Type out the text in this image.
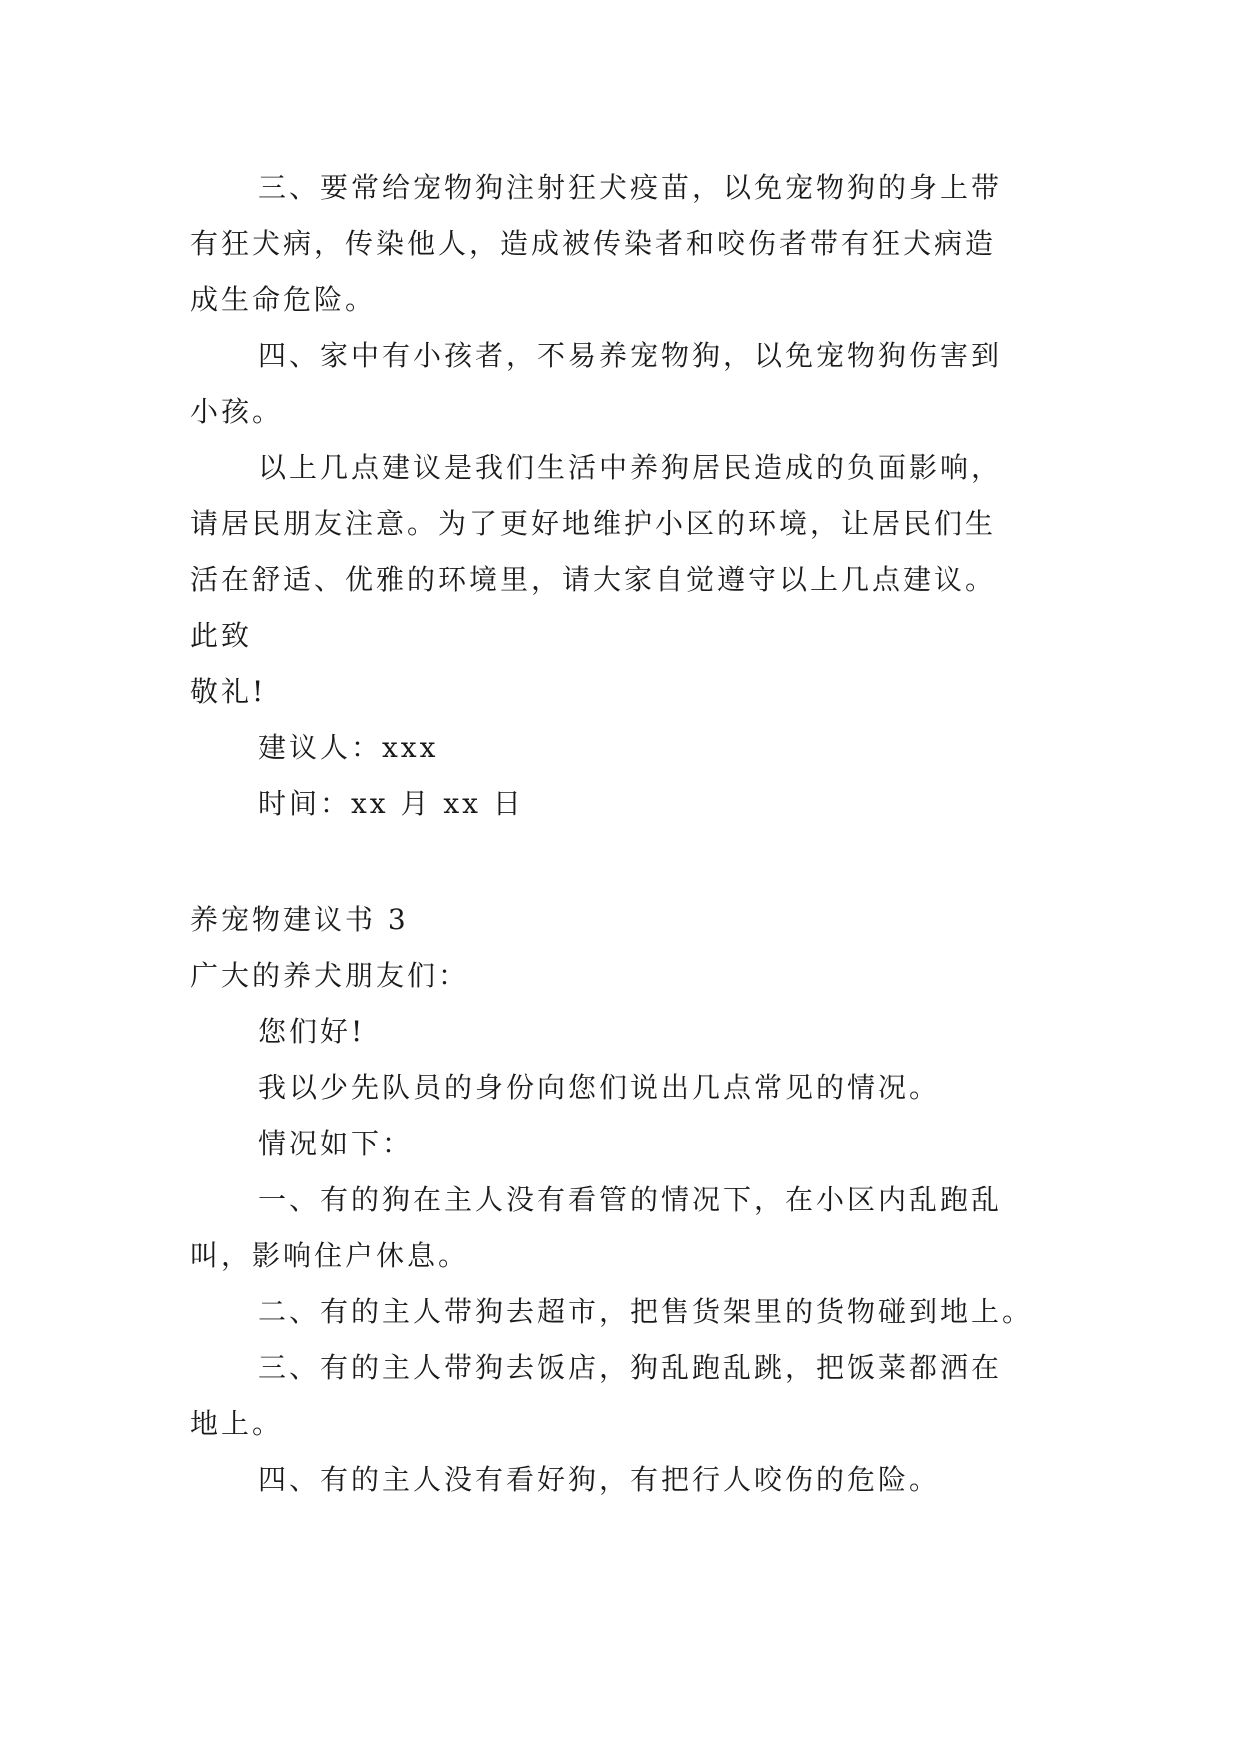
三、要常给宠物狗注射狂犬疫苗，以免宠物狗的身上带
有狂犬病，传染他人，造成被传染者和咬伤者带有狂犬病造
成生命危险。
四、家中有小孩者，不易养宠物狗，以免宠物狗伤害到
小孩。
以上几点建议是我们生活中养狗居民造成的负面影响，
请居民朋友注意。为了更好地维护小区的环境，让居民们生
活在舒适、优雅的环境里，请大家自觉遵守以上几点建议。
此致
敬礼!
建议人：xxx
时间：xx 月 xx 日
养宠物建议书 3
广大的养犬朋友们：
您们好!
我以少先队员的身份向您们说出几点常见的情况。
情况如下：
一、有的狗在主人没有看管的情况下，在小区内乱跑乱
叫，影响住户休息。
二、有的主人带狗去超市，把售货架里的货物碰到地上。
三、有的主人带狗去饭店，狗乱跑乱跳，把饭菜都洒在
地上。
四、有的主人没有看好狗，有把行人咬伤的危险。
